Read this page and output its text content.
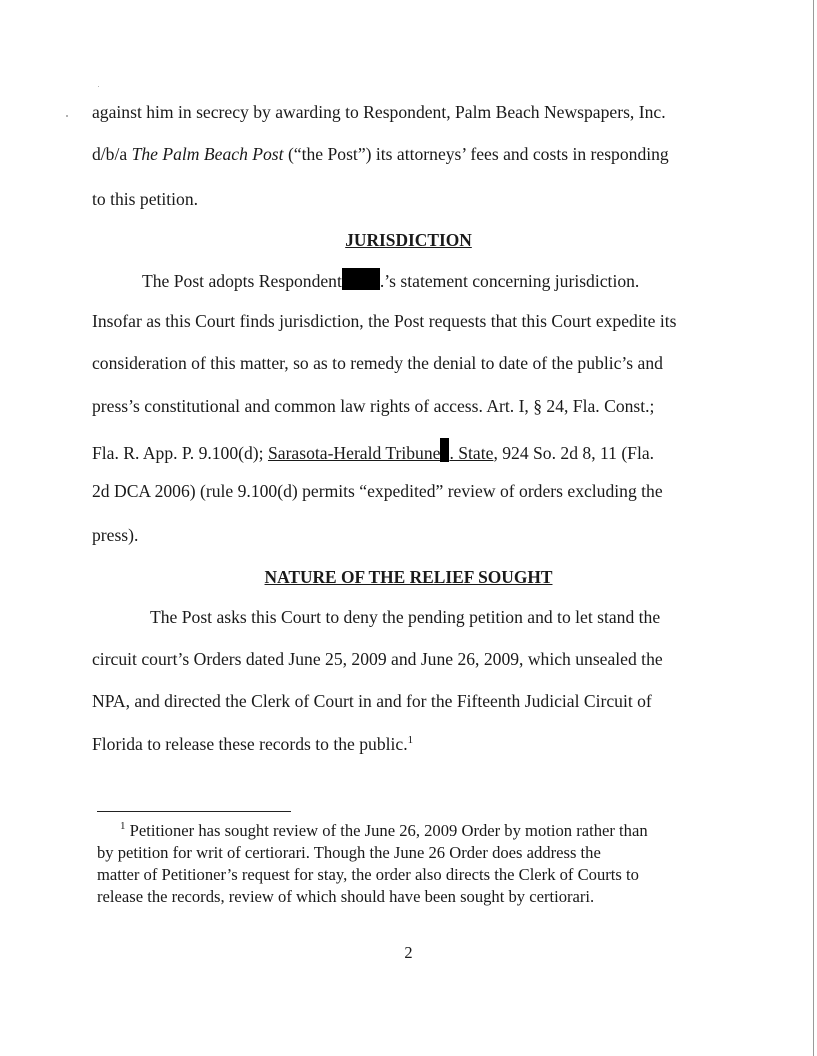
against him in secrecy by awarding to Respondent, Palm Beach Newspapers, Inc.
d/b/a The Palm Beach Post (“the Post”) its attorneys’ fees and costs in responding
to this petition.
JURISDICTION
The Post adopts Respondent .’s statement concerning jurisdiction.
Insofar as this Court finds jurisdiction, the Post requests that this Court expedite its
consideration of this matter, so as to remedy the denial to date of the public’s and
press’s constitutional and common law rights of access. Art. I, § 24, Fla. Const.;
Fla. R. App. P. 9.100(d); Sarasota-Herald Tribune . State, 924 So. 2d 8, 11 (Fla.
2d DCA 2006) (rule 9.100(d) permits “expedited” review of orders excluding the
press).
NATURE OF THE RELIEF SOUGHT
The Post asks this Court to deny the pending petition and to let stand the
circuit court’s Orders dated June 25, 2009 and June 26, 2009, which unsealed the
NPA, and directed the Clerk of Court in and for the Fifteenth Judicial Circuit of
Florida to release these records to the public.$^1$
$^1$ Petitioner has sought review of the June 26, 2009 Order by motion rather than
by petition for writ of certiorari. Though the June 26 Order does address the
matter of Petitioner’s request for stay, the order also directs the Clerk of Courts to
release the records, review of which should have been sought by certiorari.
2
